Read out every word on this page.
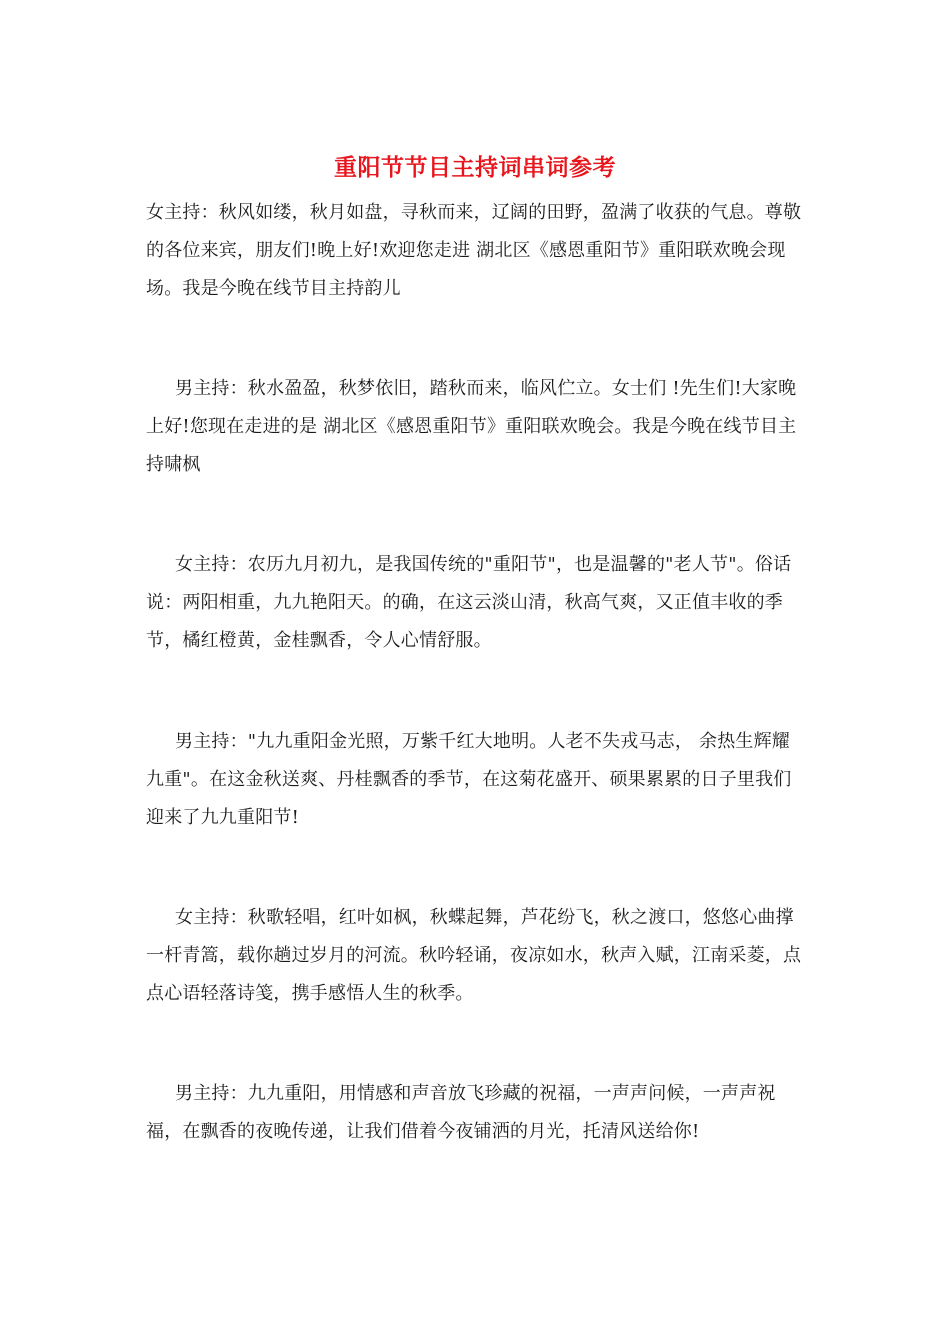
重阳节节目主持词串词参考

女主持：秋风如缕，秋月如盘，寻秋而来，辽阔的田野，盈满了收获的气息。尊敬的各位来宾，朋友们!晚上好!欢迎您走进 湖北区《感恩重阳节》重阳联欢晚会现场。我是今晚在线节目主持韵儿

男主持：秋水盈盈，秋梦依旧，踏秋而来，临风伫立。女士们 !先生们!大家晚上好!您现在走进的是 湖北区《感恩重阳节》重阳联欢晚会。我是今晚在线节目主持啸枫

女主持：农历九月初九，是我国传统的"重阳节"，也是温馨的"老人节"。俗话说：两阳相重，九九艳阳天。的确，在这云淡山清，秋高气爽，又正值丰收的季节，橘红橙黄，金桂飘香，令人心情舒服。

男主持："九九重阳金光照，万紫千红大地明。人老不失戎马志， 余热生辉耀九重"。在这金秋送爽、丹桂飘香的季节，在这菊花盛开、硕果累累的日子里我们迎来了九九重阳节!

女主持：秋歌轻唱，红叶如枫，秋蝶起舞，芦花纷飞，秋之渡口，悠悠心曲撑一杆青篙，载你趟过岁月的河流。秋吟轻诵，夜凉如水，秋声入赋，江南采菱，点点心语轻落诗笺，携手感悟人生的秋季。

男主持：九九重阳，用情感和声音放飞珍藏的祝福，一声声问候，一声声祝福，在飘香的夜晚传递，让我们借着今夜铺洒的月光，托清风送给你!
